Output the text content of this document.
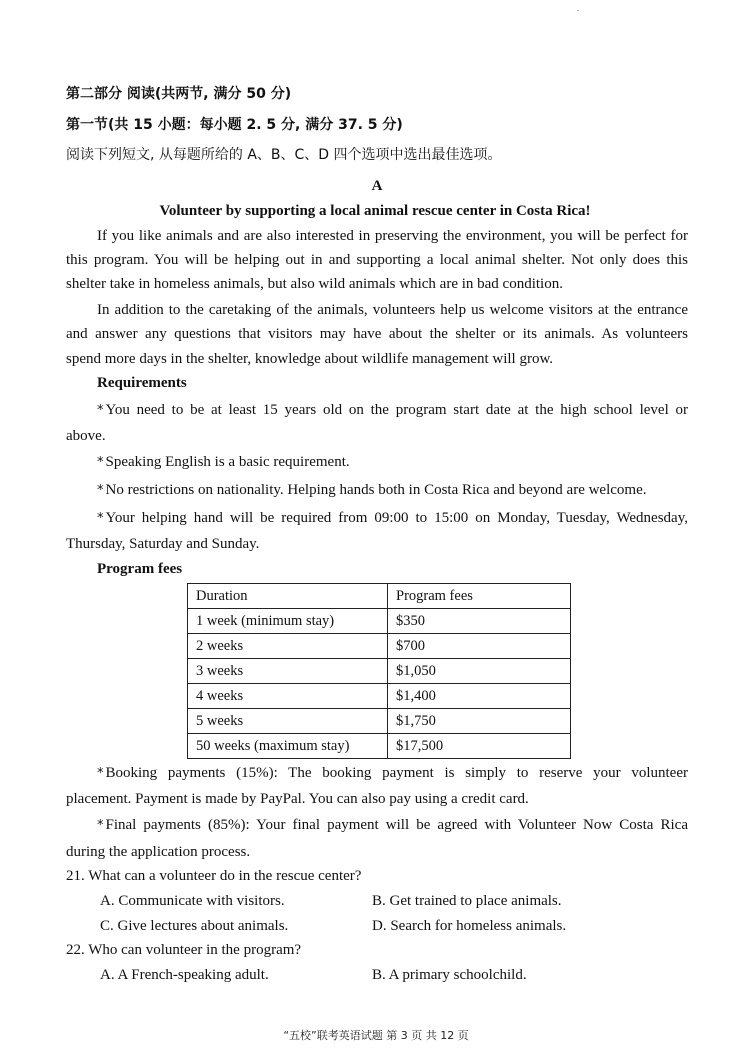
.
第二部分 阅读(共两节, 满分 50 分)
第一节(共 15 小题：每小题 2. 5 分, 满分 37. 5 分)
阅读下列短文, 从每题所给的 A、B、C、D 四个选项中选出最佳选项。
A
Volunteer by supporting a local animal rescue center in Costa Rica!
If you like animals and are also interested in preserving the environment, you will be perfect for
this program. You will be helping out in and supporting a local animal shelter. Not only does this
shelter take in homeless animals, but also wild animals which are in bad condition.
In addition to the caretaking of the animals, volunteers help us welcome visitors at the entrance
and answer any questions that visitors may have about the shelter or its animals. As volunteers
spend more days in the shelter, knowledge about wildlife management will grow.
Requirements
* You need to be at least 15 years old on the program start date at the high school level or
above.
* Speaking English is a basic requirement.
* No restrictions on nationality. Helping hands both in Costa Rica and beyond are welcome.
* Your helping hand will be required from 09:00 to 15:00 on Monday, Tuesday, Wednesday,
Thursday, Saturday and Sunday.
Program fees
Duration	Program fees
1 week (minimum stay)	$350
2 weeks	$700
3 weeks	$1,050
4 weeks	$1,400
5 weeks	$1,750
50 weeks (maximum stay)	$17,500
* Booking payments (15%): The booking payment is simply to reserve your volunteer
placement. Payment is made by PayPal. You can also pay using a credit card.
* Final payments (85%): Your final payment will be agreed with Volunteer Now Costa Rica
during the application process.
21. What can a volunteer do in the rescue center?
A. Communicate with visitors.	B. Get trained to place animals.
C. Give lectures about animals.	D. Search for homeless animals.
22. Who can volunteer in the program?
A. A French-speaking adult.	B. A primary schoolchild.
“五校”联考英语试题 第 3 页 共 12 页
